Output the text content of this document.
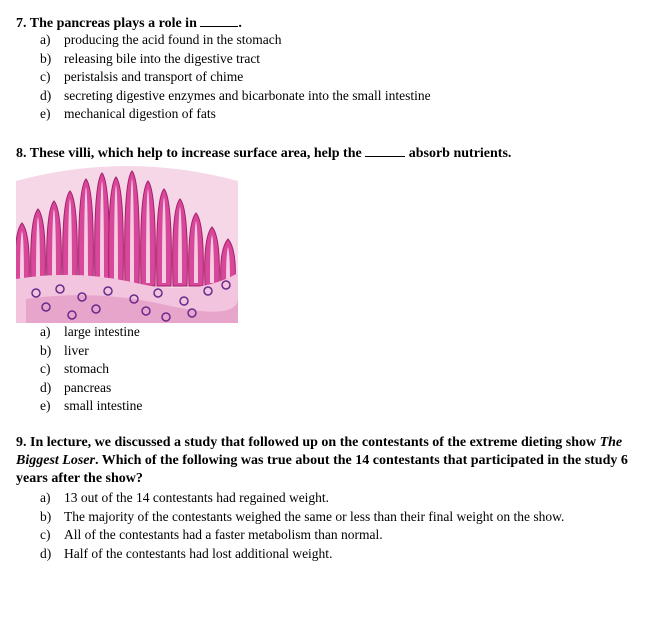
7. The pancreas plays a role in	.
a)	producing the acid found in the stomach
b) releasing bile into the digestive tract
c)	peristalsis and transport of chime
d) secreting digestive enzymes and bicarbonate into the small intestine
e)	mechanical digestion of fats
8. These villi, which help to increase surface area, help the	absorb nutrients.
a)	large intestine
b) liver
c)	stomach
d) pancreas
e)	small intestine
9. In lecture, we discussed a study that followed up on the contestants of the extreme dieting show The Biggest Loser. Which of the following was true about the 14 contestants that participated in the study 6 years after the show?
a)	13 out of the 14 contestants had regained weight.
b) The majority of the contestants weighed the same or less than their final weight on the show.
c)	All of the contestants had a faster metabolism than normal.
d) Half of the contestants had lost additional weight.
